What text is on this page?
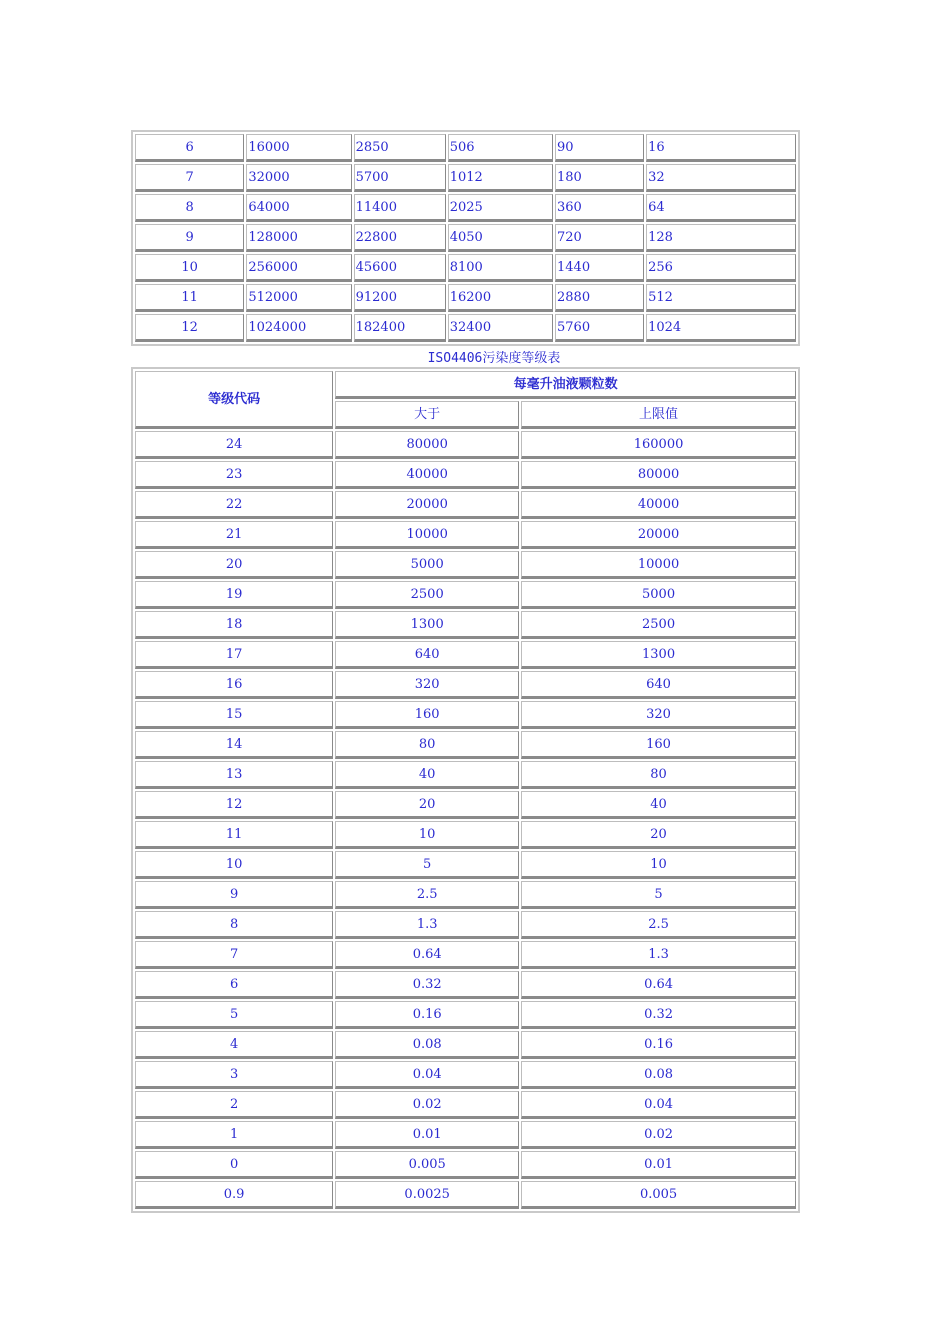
6	16000	2850	506	90	16
7	32000	5700	1012	180	32
8	64000	11400	2025	360	64
9	128000	22800	4050	720	128
10	256000	45600	8100	1440	256
11	512000	91200	16200	2880	512
12	1024000	182400	32400	5760	1024
ISO4406污染度等级表
等级代码	每毫升油液颗粒数	
	大于	上限值
24	80000	160000
23	40000	80000
22	20000	40000
21	10000	20000
20	5000	10000
19	2500	5000
18	1300	2500
17	640	1300
16	320	640
15	160	320
14	80	160
13	40	80
12	20	40
11	10	20
10	5	10
9	2.5	5
8	1.3	2.5
7	0.64	1.3
6	0.32	0.64
5	0.16	0.32
4	0.08	0.16
3	0.04	0.08
2	0.02	0.04
1	0.01	0.02
0	0.005	0.01
0.9	0.0025	0.005
